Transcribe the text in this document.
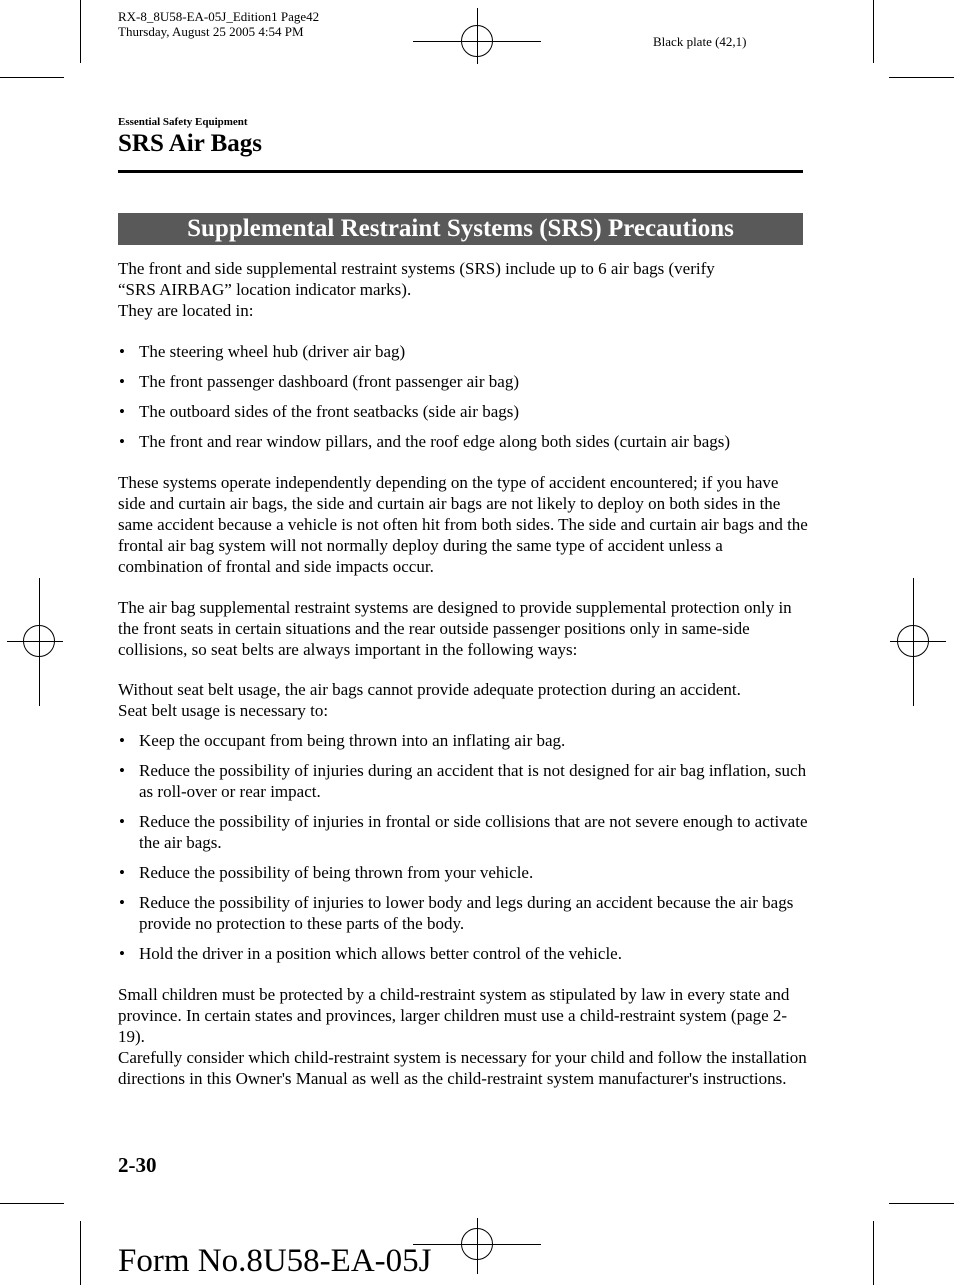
RX-8_8U58-EA-05J_Edition1 Page42
Thursday, August 25 2005 4:54 PM
Black plate (42,1)
Essential Safety Equipment
SRS Air Bags
Supplemental Restraint Systems (SRS) Precautions
The front and side supplemental restraint systems (SRS) include up to 6 air bags (verify
“SRS AIRBAG” location indicator marks).
They are located in:
• The steering wheel hub (driver air bag)
• The front passenger dashboard (front passenger air bag)
• The outboard sides of the front seatbacks (side air bags)
• The front and rear window pillars, and the roof edge along both sides (curtain air bags)
These systems operate independently depending on the type of accident encountered; if you have side and curtain air bags, the side and curtain air bags are not likely to deploy on both sides in the same accident because a vehicle is not often hit from both sides. The side and curtain air bags and the frontal air bag system will not normally deploy during the same type of accident unless a combination of frontal and side impacts occur.
The air bag supplemental restraint systems are designed to provide supplemental protection only in the front seats in certain situations and the rear outside passenger positions only in same-side collisions, so seat belts are always important in the following ways:
Without seat belt usage, the air bags cannot provide adequate protection during an accident.
Seat belt usage is necessary to:
• Keep the occupant from being thrown into an inflating air bag.
• Reduce the possibility of injuries during an accident that is not designed for air bag inflation, such as roll-over or rear impact.
• Reduce the possibility of injuries in frontal or side collisions that are not severe enough to activate the air bags.
• Reduce the possibility of being thrown from your vehicle.
• Reduce the possibility of injuries to lower body and legs during an accident because the air bags provide no protection to these parts of the body.
• Hold the driver in a position which allows better control of the vehicle.
Small children must be protected by a child-restraint system as stipulated by law in every state and province. In certain states and provinces, larger children must use a child-restraint system (page 2-19).
Carefully consider which child-restraint system is necessary for your child and follow the installation directions in this Owner's Manual as well as the child-restraint system manufacturer's instructions.
2-30
Form No.8U58-EA-05J
